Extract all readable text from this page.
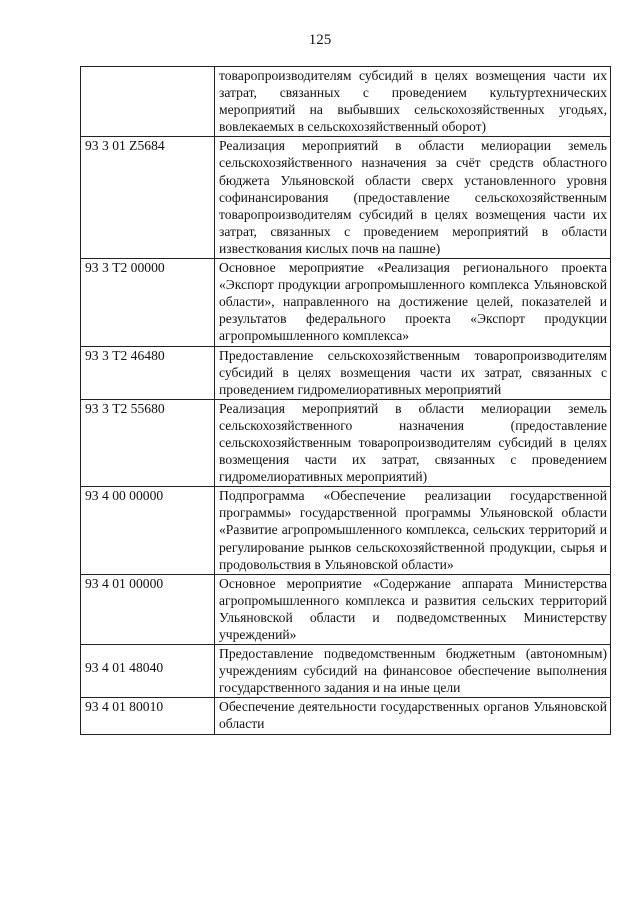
125
	товаропроизводителям субсидий в целях возмещения части их затрат, связанных с проведением культуртехнических мероприятий на выбывших сельскохозяйственных угодьях, вовлекаемых в сельскохозяйственный оборот)
93 3 01 Z5684	Реализация мероприятий в области мелиорации земель сельскохозяйственного назначения за счёт средств областного бюджета Ульяновской области сверх установленного уровня софинансирования (предоставление сельскохозяйственным товаропроизводителям субсидий в целях возмещения части их затрат, связанных с проведением мероприятий в области известкования кислых почв на пашне)
93 3 Т2 00000	Основное мероприятие «Реализация регионального проекта «Экспорт продукции агропромышленного комплекса Ульяновской области», направленного на достижение целей, показателей и результатов федерального проекта «Экспорт продукции агропромышленного комплекса»
93 3 Т2 46480	Предоставление сельскохозяйственным товаропроизводителям субсидий в целях возмещения части их затрат, связанных с проведением гидромелиоративных мероприятий
93 3 Т2 55680	Реализация мероприятий в области мелиорации земель сельскохозяйственного назначения (предоставление сельскохозяйственным товаропроизводителям субсидий в целях возмещения части их затрат, связанных с проведением гидромелиоративных мероприятий)
93 4 00 00000	Подпрограмма «Обеспечение реализации государственной программы» государственной программы Ульяновской области «Развитие агропромышленного комплекса, сельских территорий и регулирование рынков сельскохозяйственной продукции, сырья и продовольствия в Ульяновской области»
93 4 01 00000	Основное мероприятие «Содержание аппарата Министерства агропромышленного комплекса и развития сельских территорий Ульяновской области и подведомственных Министерству учреждений»

93 4 01 48040	Предоставление подведомственным бюджетным (автономным) учреждениям субсидий на финансовое обеспечение выполнения государственного задания и на иные цели
93 4 01 80010	Обеспечение деятельности государственных органов Ульяновской области
